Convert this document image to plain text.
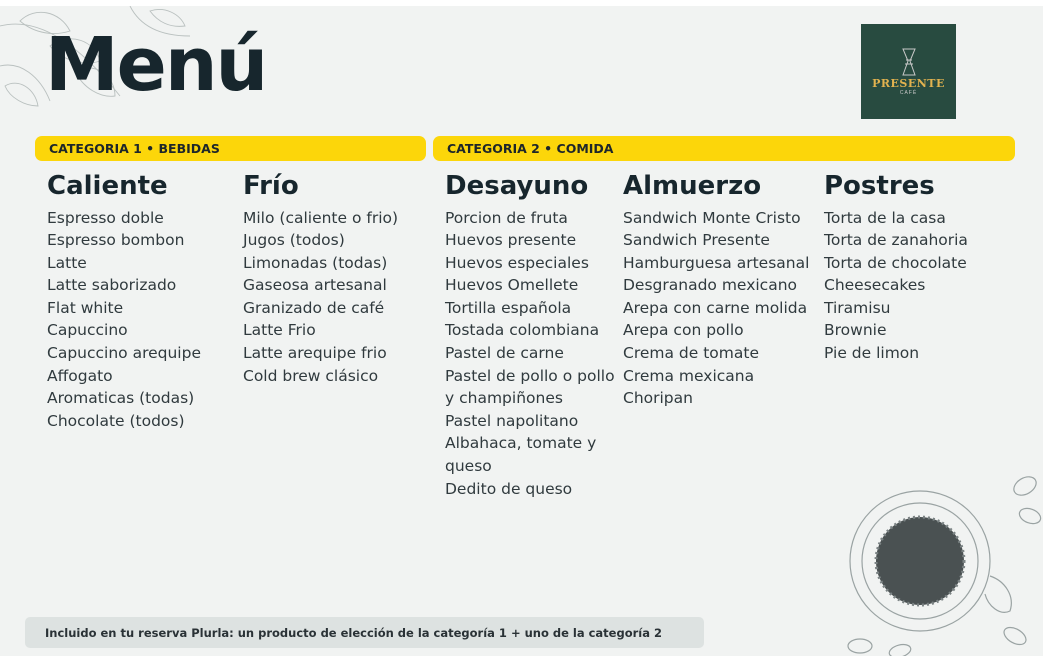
Menú	PRESENTE
CAFÉ
CATEGORIA 1 • BEBIDAS	CATEGORIA 2 • COMIDA
Caliente
Espresso doble
Espresso bombon
Latte
Latte saborizado
Flat white
Capuccino
Capuccino arequipe
Affogato
Aromaticas (todas)
Chocolate (todos)
Frío
Milo (caliente o frio)
Jugos (todos)
Limonadas (todas)
Gaseosa artesanal
Granizado de café
Latte Frio
Latte arequipe frio
Cold brew clásico
Desayuno
Porcion de fruta
Huevos presente
Huevos especiales
Huevos Omellete
Tortilla española
Tostada colombiana
Pastel de carne
Pastel de pollo o pollo
y champiñones
Pastel napolitano
Albahaca, tomate y
queso
Dedito de queso
Almuerzo
Sandwich Monte Cristo
Sandwich Presente
Hamburguesa artesanal
Desgranado mexicano
Arepa con carne molida
Arepa con pollo
Crema de tomate
Crema mexicana
Choripan
Postres
Torta de la casa
Torta de zanahoria
Torta de chocolate
Cheesecakes
Tiramisu
Brownie
Pie de limon
Incluido en tu reserva Plurla: un producto de elección de la categoría 1 + uno de la categoría 2
